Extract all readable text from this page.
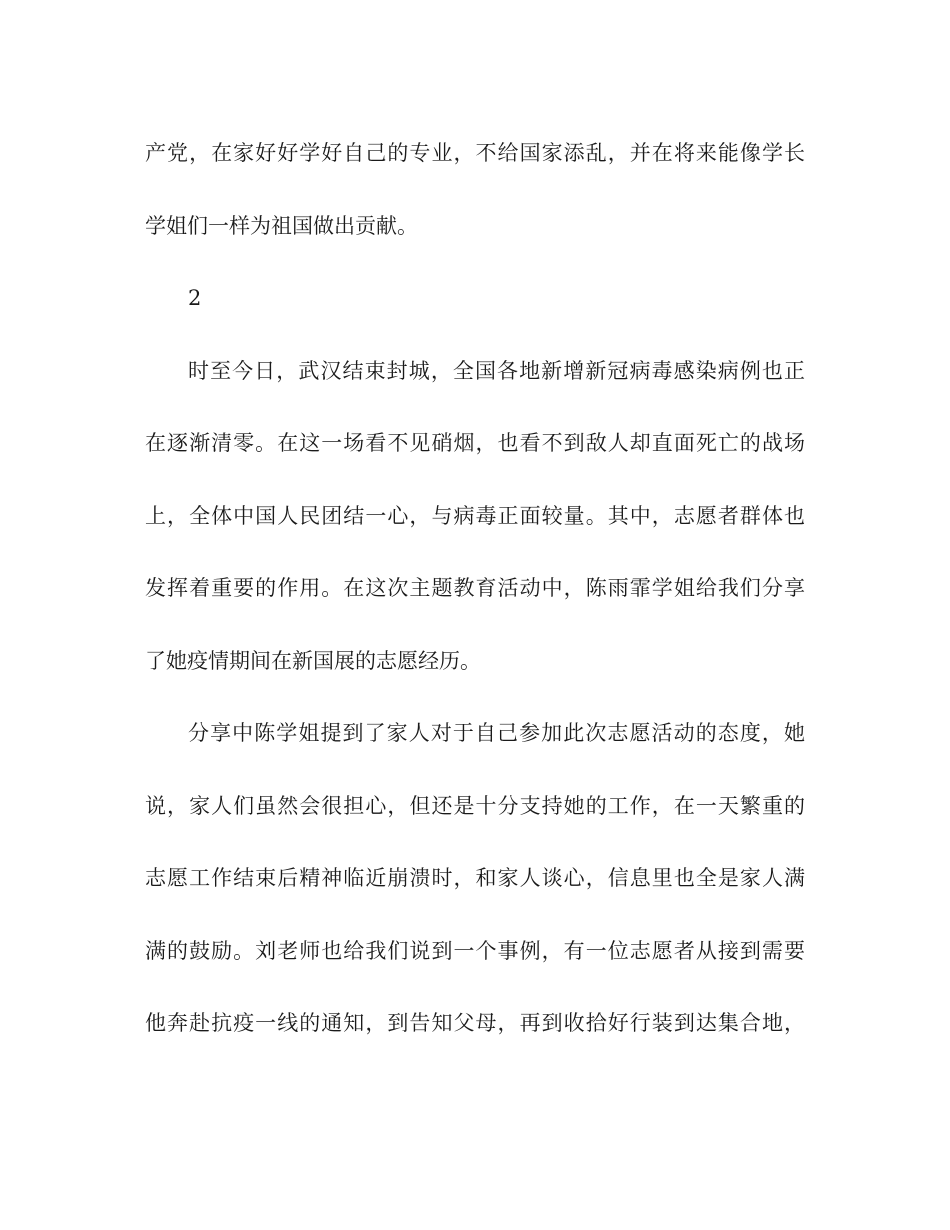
产党，在家好好学好自己的专业，不给国家添乱，并在将来能像学长
学姐们一样为祖国做出贡献。
2
时至今日，武汉结束封城，全国各地新增新冠病毒感染病例也正
在逐渐清零。在这一场看不见硝烟，也看不到敌人却直面死亡的战场
上，全体中国人民团结一心，与病毒正面较量。其中，志愿者群体也
发挥着重要的作用。在这次主题教育活动中，陈雨霏学姐给我们分享
了她疫情期间在新国展的志愿经历。
分享中陈学姐提到了家人对于自己参加此次志愿活动的态度，她
说，家人们虽然会很担心，但还是十分支持她的工作，在一天繁重的
志愿工作结束后精神临近崩溃时，和家人谈心，信息里也全是家人满
满的鼓励。刘老师也给我们说到一个事例，有一位志愿者从接到需要
他奔赴抗疫一线的通知，到告知父母，再到收拾好行装到达集合地，
